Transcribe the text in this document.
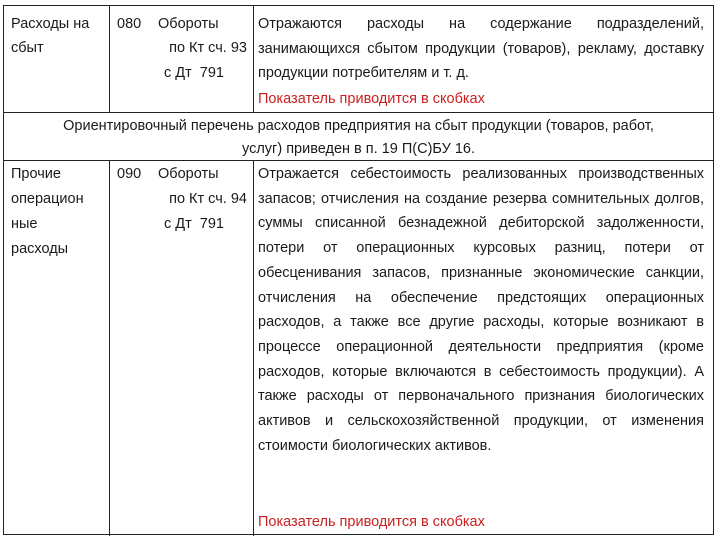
Расходы на
сбыт
080 Обороты
по Кт сч. 93
с Дт  791
Отражаются расходы на содержание подразделений, занимающихся сбытом продукции (товаров), рекламу, доставку продукции потребителям и т. д.
Показатель приводится в скобках
Ориентировочный перечень расходов предприятия на сбыт продукции (товаров, работ,
услуг) приведен в п. 19 П(С)БУ 16.
Прочие
операцион
ные
расходы
090 Обороты
по Кт сч. 94
с Дт  791
Отражается себестоимость реализованных производственных запасов; отчисления на создание резерва сомнительных долгов, суммы списанной безнадежной дебиторской задолженности, потери от операционных курсовых разниц, потери от обесценивания запасов, признанные экономические санкции, отчисления на обеспечение предстоящих операционных расходов, а также все другие расходы, которые возникают в процессе операционной деятельности предприятия (кроме расходов, которые включаются в себестоимость продукции). А также расходы от первоначального признания биологических активов и сельскохозяйственной продукции, от изменения стоимости биологических активов.
Показатель приводится в скобках
